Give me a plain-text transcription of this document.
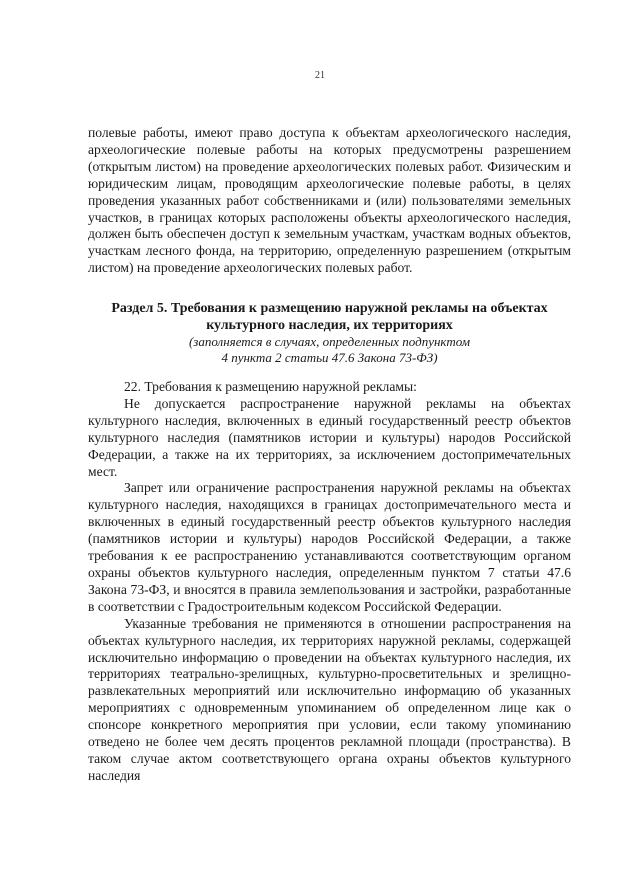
21

полевые работы, имеют право доступа к объектам археологического наследия, археологические полевые работы на которых предусмотрены разрешением (открытым листом) на проведение археологических полевых работ. Физическим и юридическим лицам, проводящим археологические полевые работы, в целях проведения указанных работ собственниками и (или) пользователями земельных участков, в границах которых расположены объекты археологического наследия, должен быть обеспечен доступ к земельным участкам, участкам водных объектов, участкам лесного фонда, на территорию, определенную разрешением (открытым листом) на проведение археологических полевых работ.

Раздел 5. Требования к размещению наружной рекламы на объектах
культурного наследия, их территориях
(заполняется в случаях, определенных подпунктом
4 пункта 2 статьи 47.6 Закона 73-ФЗ)

22. Требования к размещению наружной рекламы:

Не допускается распространение наружной рекламы на объектах культурного наследия, включенных в единый государственный реестр объектов культурного наследия (памятников истории и культуры) народов Российской Федерации, а также на их территориях, за исключением достопримечательных мест.

Запрет или ограничение распространения наружной рекламы на объектах культурного наследия, находящихся в границах достопримечательного места и включенных в единый государственный реестр объектов культурного наследия (памятников истории и культуры) народов Российской Федерации, а также требования к ее распространению устанавливаются соответствующим органом охраны объектов культурного наследия, определенным пунктом 7 статьи 47.6 Закона 73-ФЗ, и вносятся в правила землепользования и застройки, разработанные в соответствии с Градостроительным кодексом Российской Федерации.

Указанные требования не применяются в отношении распространения на объектах культурного наследия, их территориях наружной рекламы, содержащей исключительно информацию о проведении на объектах культурного наследия, их территориях театрально-зрелищных, культурно-просветительных и зрелищно-развлекательных мероприятий или исключительно информацию об указанных мероприятиях с одновременным упоминанием об определенном лице как о спонсоре конкретного мероприятия при условии, если такому упоминанию отведено не более чем десять процентов рекламной площади (пространства). В таком случае актом соответствующего органа охраны объектов культурного наследия
